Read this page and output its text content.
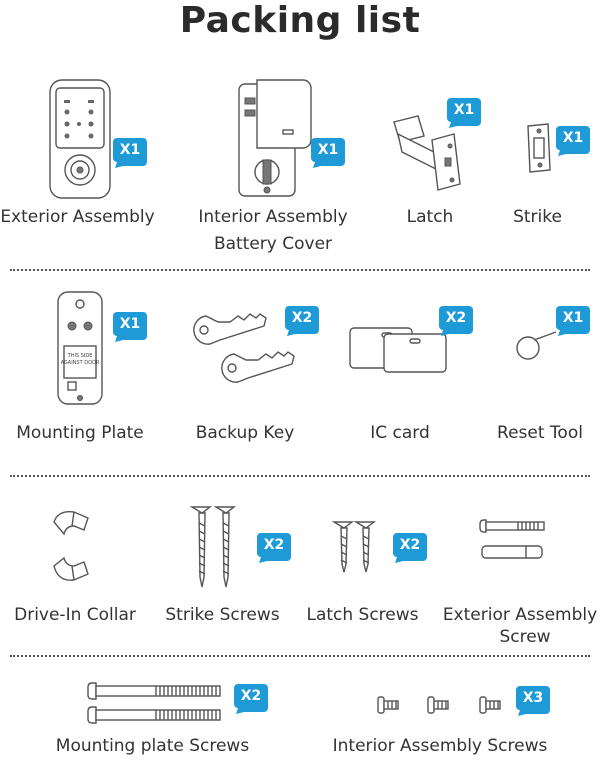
Packing list
X1
Exterior Assembly
X1
Interior Assembly
Battery Cover
X1
Latch
X1
Strike
THIS SIDE
AGAINST DOOR
X1
Mounting Plate
X2
Backup Key
X2
IC card
X1
Reset Tool
Drive-In Collar
X2
Strike Screws
X2
Latch Screws	Exterior Assembly
Screw
X2
Mounting plate Screws
X3
Interior Assembly Screws
